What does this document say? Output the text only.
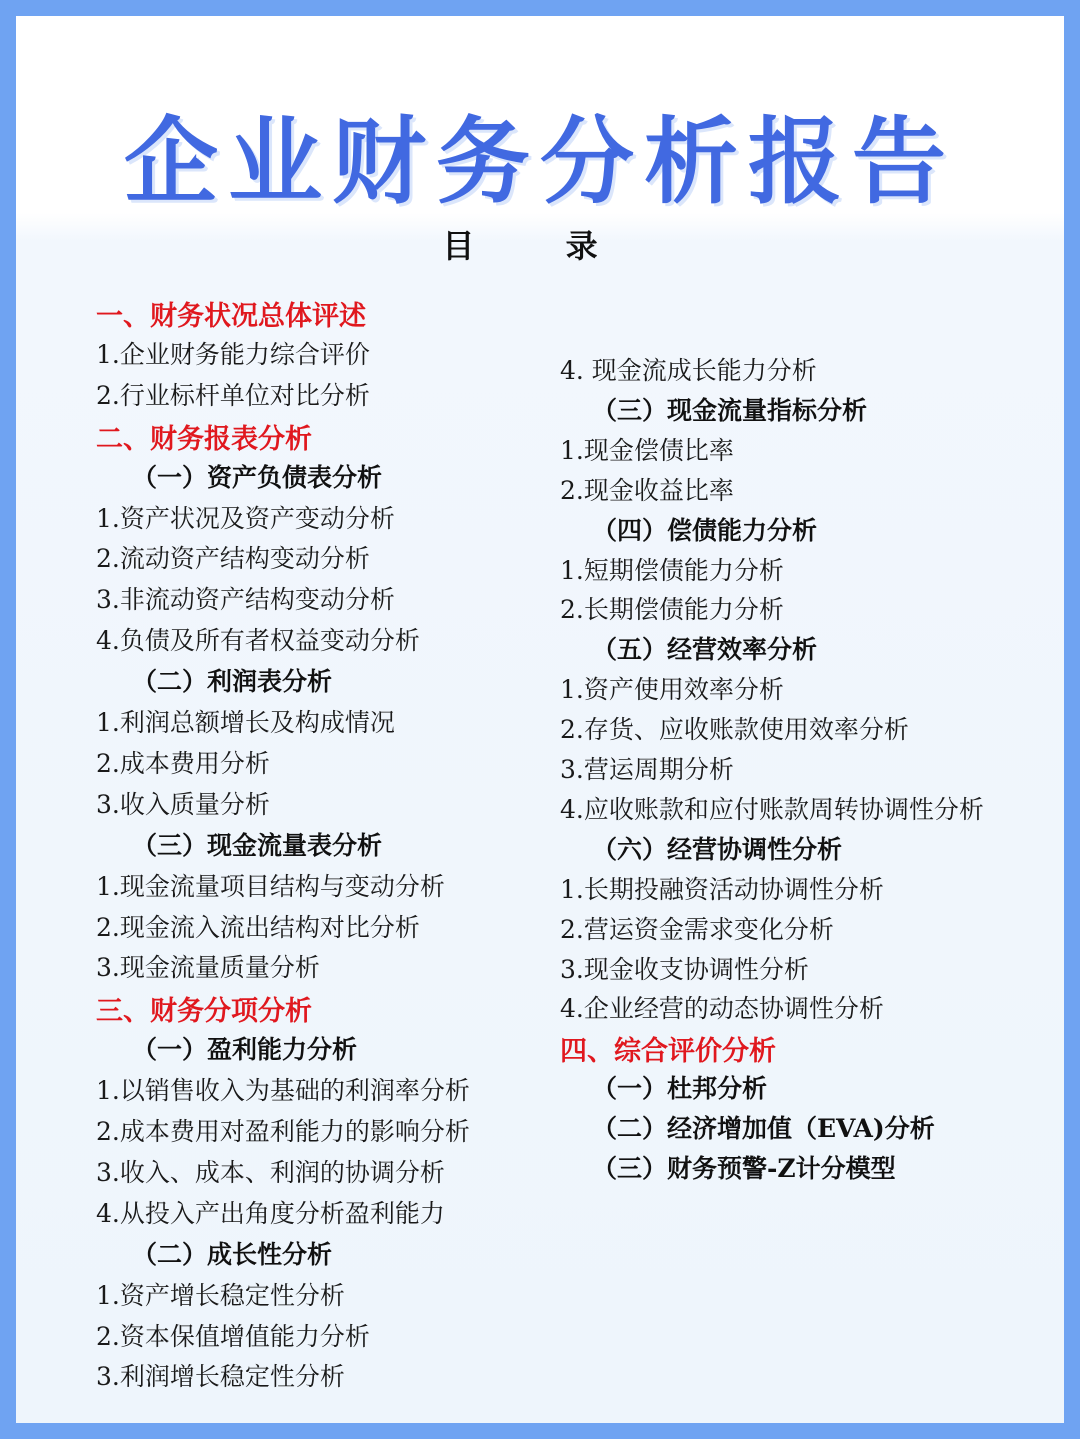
企业财务分析报告
目 录
一、财务状况总体评述
1.企业财务能力综合评价
2.行业标杆单位对比分析
二、财务报表分析
（一）资产负债表分析
1.资产状况及资产变动分析
2.流动资产结构变动分析
3.非流动资产结构变动分析
4.负债及所有者权益变动分析
（二）利润表分析
1.利润总额增长及构成情况
2.成本费用分析
3.收入质量分析
（三）现金流量表分析
1.现金流量项目结构与变动分析
2.现金流入流出结构对比分析
3.现金流量质量分析
三、财务分项分析
（一）盈利能力分析
1.以销售收入为基础的利润率分析
2.成本费用对盈利能力的影响分析
3.收入、成本、利润的协调分析
4.从投入产出角度分析盈利能力
（二）成长性分析
1.资产增长稳定性分析
2.资本保值增值能力分析
3.利润增长稳定性分析
4. 现金流成长能力分析
（三）现金流量指标分析
1.现金偿债比率
2.现金收益比率
（四）偿债能力分析
1.短期偿债能力分析
2.长期偿债能力分析
（五）经营效率分析
1.资产使用效率分析
2.存货、应收账款使用效率分析
3.营运周期分析
4.应收账款和应付账款周转协调性分析
（六）经营协调性分析
1.长期投融资活动协调性分析
2.营运资金需求变化分析
3.现金收支协调性分析
4.企业经营的动态协调性分析
四、综合评价分析
（一）杜邦分析
（二）经济增加值（EVA)分析
（三）财务预警-Z计分模型
